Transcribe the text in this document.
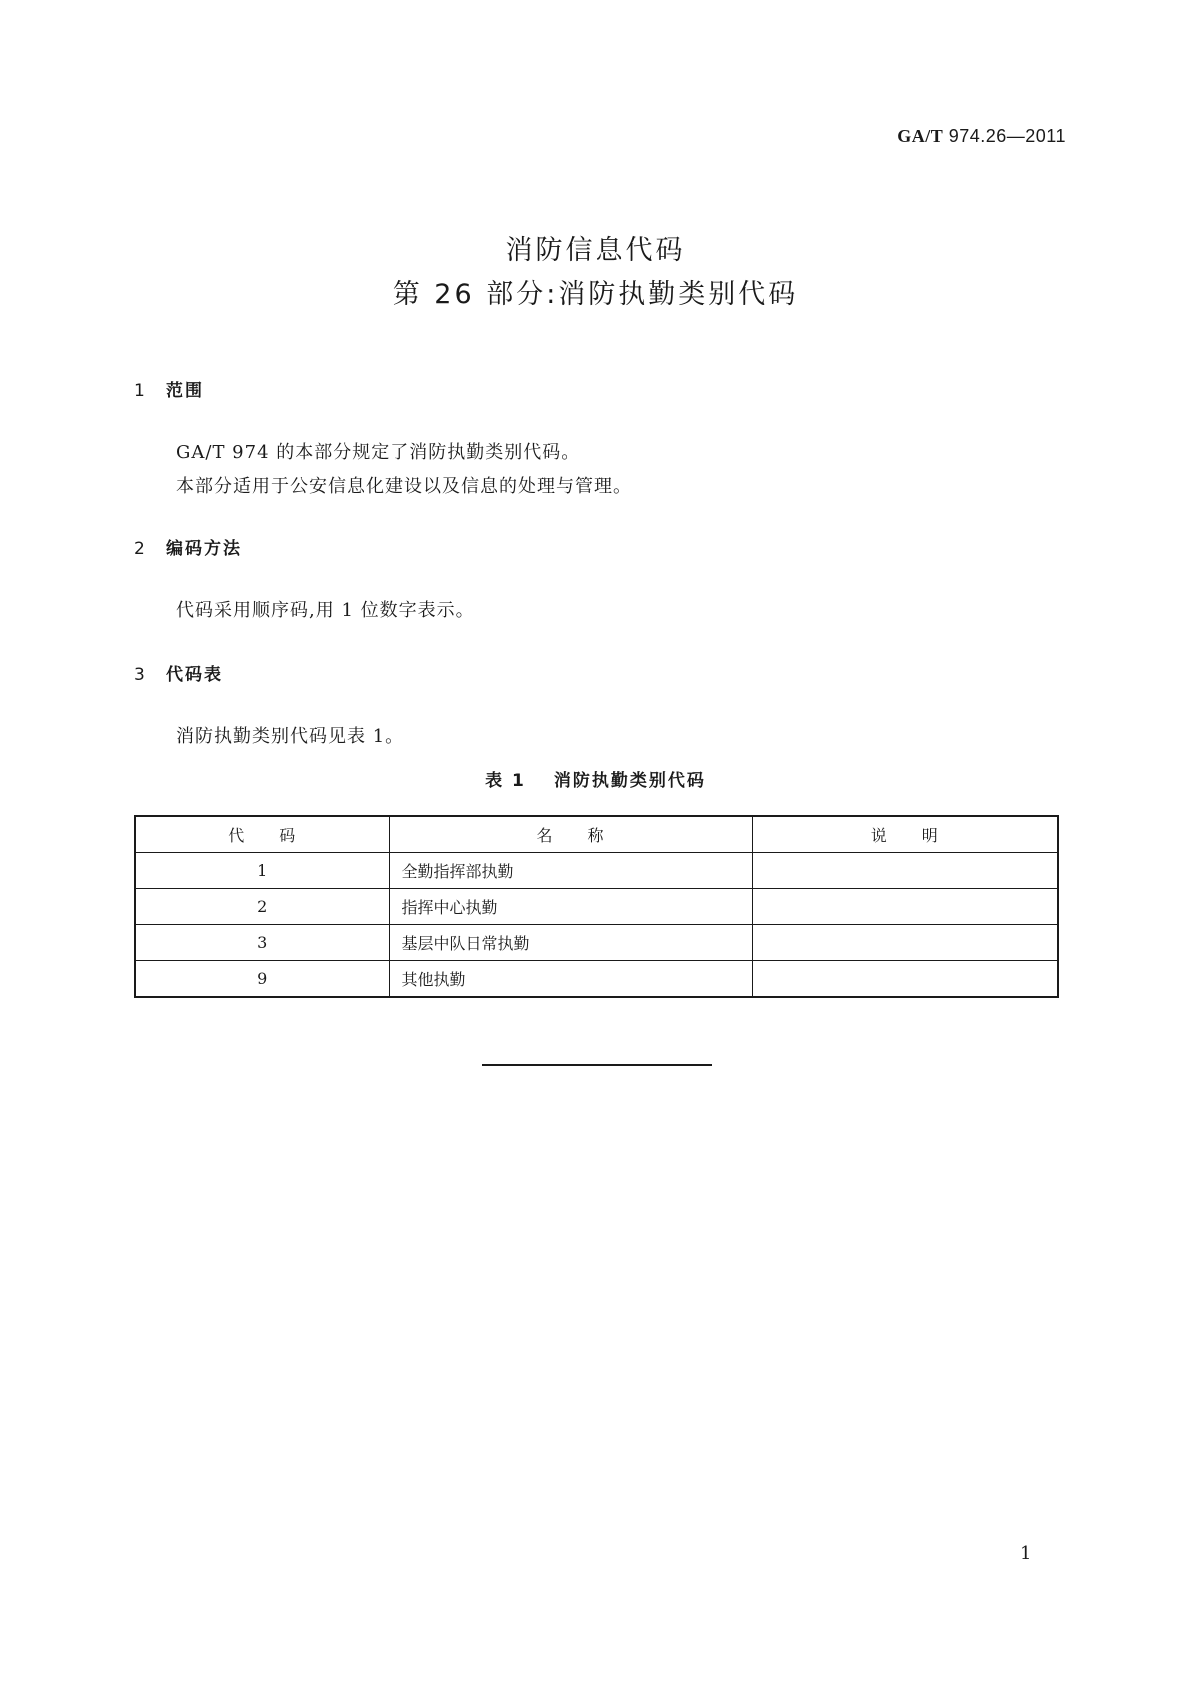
GA/T 974.26—2011
消防信息代码
第 26 部分:消防执勤类别代码
1 范围
GA/T 974 的本部分规定了消防执勤类别代码。
本部分适用于公安信息化建设以及信息的处理与管理。
2 编码方法
代码采用顺序码,用 1 位数字表示。
3 代码表
消防执勤类别代码见表 1。
表 1 消防执勤类别代码
代 码	名 称	说 明
1	全勤指挥部执勤	
2	指挥中心执勤	
3	基层中队日常执勤	
9	其他执勤	
1
